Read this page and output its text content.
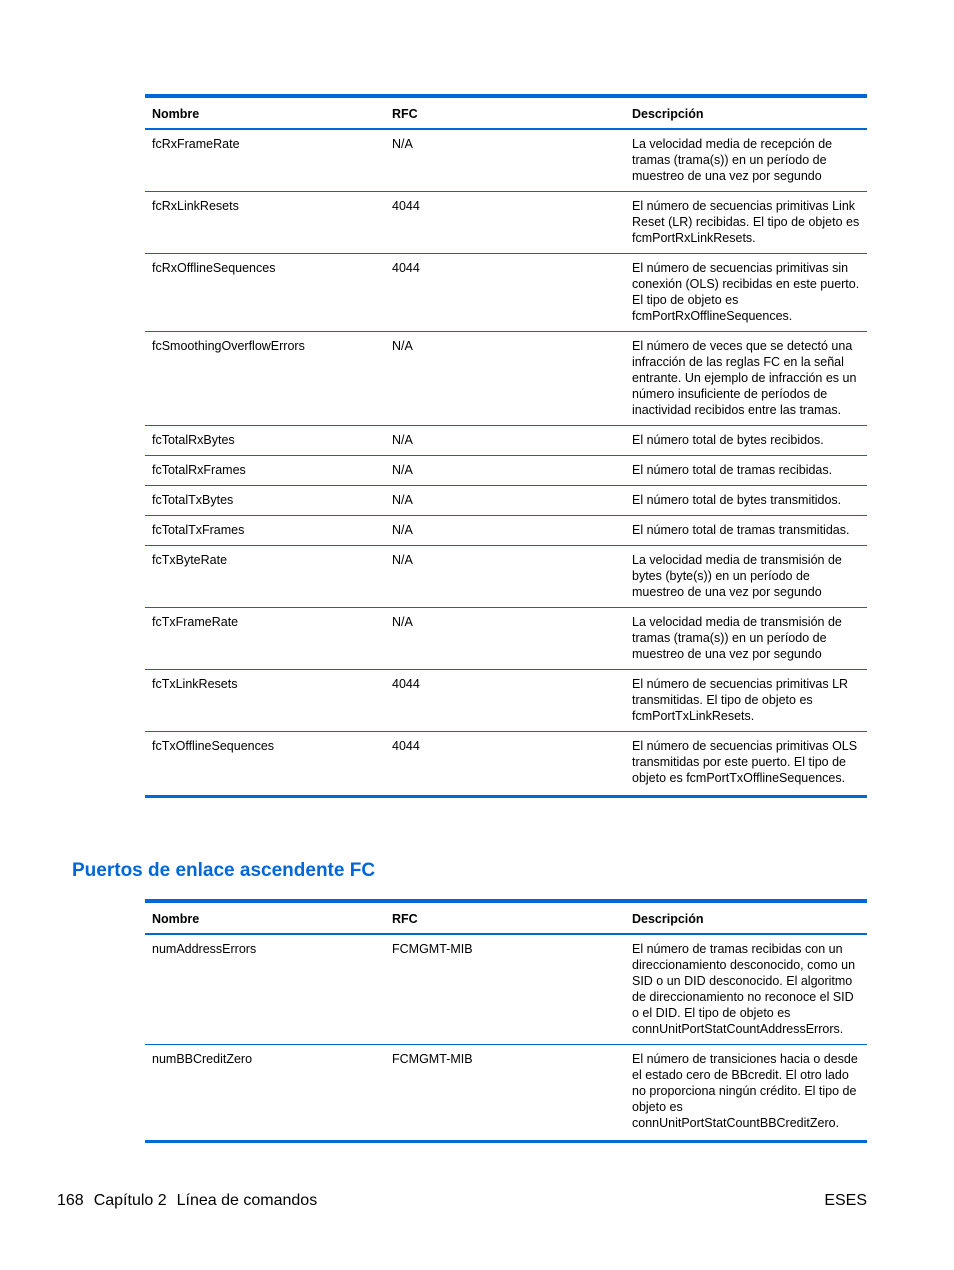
Nombre	RFC	Descripción
fcRxFrameRate	N/A	La velocidad media de recepción de tramas (trama(s)) en un período de muestreo de una vez por segundo
fcRxLinkResets	4044	El número de secuencias primitivas Link Reset (LR) recibidas. El tipo de objeto es fcmPortRxLinkResets.
fcRxOfflineSequences	4044	El número de secuencias primitivas sin conexión (OLS) recibidas en este puerto. El tipo de objeto es fcmPortRxOfflineSequences.
fcSmoothingOverflowErrors	N/A	El número de veces que se detectó una infracción de las reglas FC en la señal entrante. Un ejemplo de infracción es un número insuficiente de períodos de inactividad recibidos entre las tramas.
fcTotalRxBytes	N/A	El número total de bytes recibidos.
fcTotalRxFrames	N/A	El número total de tramas recibidas.
fcTotalTxBytes	N/A	El número total de bytes transmitidos.
fcTotalTxFrames	N/A	El número total de tramas transmitidas.
fcTxByteRate	N/A	La velocidad media de transmisión de bytes (byte(s)) en un período de muestreo de una vez por segundo
fcTxFrameRate	N/A	La velocidad media de transmisión de tramas (trama(s)) en un período de muestreo de una vez por segundo
fcTxLinkResets	4044	El número de secuencias primitivas LR transmitidas. El tipo de objeto es fcmPortTxLinkResets.
fcTxOfflineSequences	4044	El número de secuencias primitivas OLS transmitidas por este puerto. El tipo de objeto es fcmPortTxOfflineSequences.
Puertos de enlace ascendente FC
Nombre	RFC	Descripción
numAddressErrors	FCMGMT-MIB	El número de tramas recibidas con un direccionamiento desconocido, como un SID o un DID desconocido. El algoritmo de direccionamiento no reconoce el SID o el DID. El tipo de objeto es connUnitPortStatCountAddressErrors.
numBBCreditZero	FCMGMT-MIB	El número de transiciones hacia o desde el estado cero de BBcredit. El otro lado no proporciona ningún crédito. El tipo de objeto es connUnitPortStatCountBBCreditZero.
168 Capítulo 2 Línea de comandos	ESES
